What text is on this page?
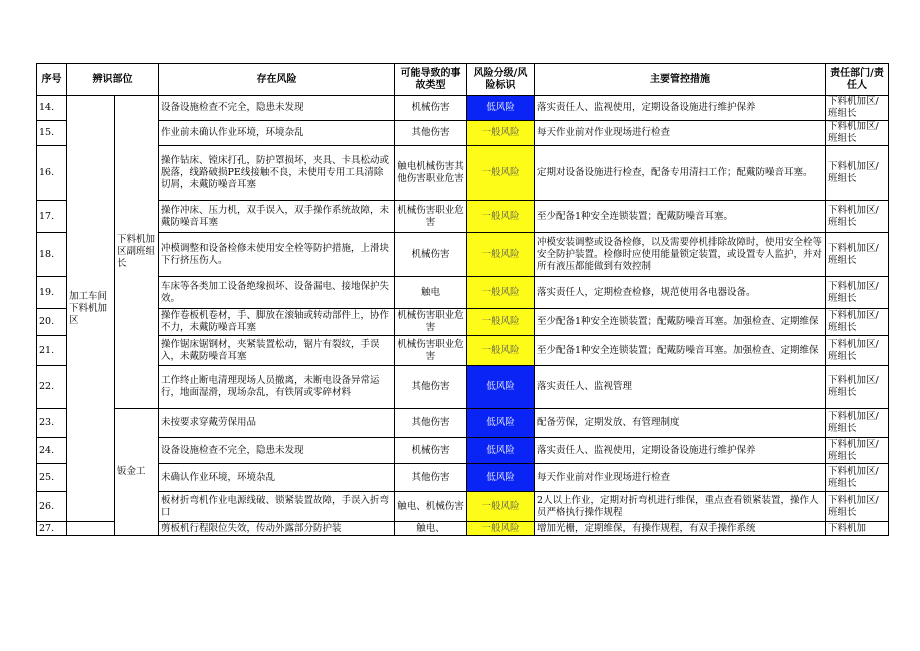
序号	辨识部位		存在风险	可能导致的事故类型	风险分级/风险标识	主要管控措施	责任部门/责任人
14.	加工车间下料机加区	下料机加区副班组长	设备设施检查不完全，隐患未发现	机械伤害	低风险	落实责任人、监视使用，定期设备设施进行维护保养	下料机加区/班组长
15.			作业前未确认作业环境，环境杂乱	其他伤害	一般风险	每天作业前对作业现场进行检查	下料机加区/班组长
16.			操作钻床、镗床打孔，防护罩损坏，夹具、卡具松动或脱落，线路破损PE线接触不良，未使用专用工具清除切屑，未戴防噪音耳塞	触电机械伤害其他伤害职业危害	一般风险	定期对设备设施进行检查，配备专用清扫工作；配戴防噪音耳塞。	下料机加区/班组长
17.			操作冲床、压力机，双手误入，双手操作系统故障，未戴防噪音耳塞	机械伤害职业危害	一般风险	至少配备1种安全连锁装置；配戴防噪音耳塞。	下料机加区/班组长
18.			冲模调整和设备检修未使用安全栓等防护措施，上滑块下行挤压伤人。	机械伤害	一般风险	冲模安装调整或设备检修，以及需要停机排除故障时，使用安全栓等安全防护装置。检修时应使用能量锁定装置，或设置专人监护，并对所有液压都能做到有效控制	下料机加区/班组长
19.			车床等各类加工设备绝缘损坏、设备漏电、接地保护失效。	触电	一般风险	落实责任人，定期检查检修，规范使用各电器设备。	下料机加区/班组长
20.			操作卷板机卷材，手、脚放在滚轴或转动部件上，协作不力，未戴防噪音耳塞	机械伤害职业危害	一般风险	至少配备1种安全连锁装置；配戴防噪音耳塞。加强检查、定期维保	下料机加区/班组长
21.			操作锯床锯钢材，夹紧装置松动，锯片有裂纹，手误入，未戴防噪音耳塞	机械伤害职业危害	一般风险	至少配备1种安全连锁装置；配戴防噪音耳塞。加强检查、定期维保	下料机加区/班组长
22.			工作终止断电清理现场人员撤离，未断电设备异常运行，地面湿滑，现场杂乱，有铁屑或零碎材料	其他伤害	低风险	落实责任人、监视管理	下料机加区/班组长
23.		钣金工	未按要求穿戴劳保用品	其他伤害	低风险	配备劳保，定期发放、有管理制度	下料机加区/班组长
24.			设备设施检查不完全，隐患未发现	机械伤害	低风险	落实责任人、监视使用，定期设备设施进行维护保养	下料机加区/班组长
25.			未确认作业环境，环境杂乱	其他伤害	低风险	每天作业前对作业现场进行检查	下料机加区/班组长
26.			板材折弯机作业电源线破、锁紧装置故障，手误入折弯口	触电、机械伤害	一般风险	2人以上作业，定期对折弯机进行维保，重点查看锁紧装置，操作人员严格执行操作规程	下料机加区/班组长
27.			剪板机行程限位失效，传动外露部分防护装	触电、	一般风险	增加光栅，定期维保，有操作规程，有双手操作系统	下料机加
